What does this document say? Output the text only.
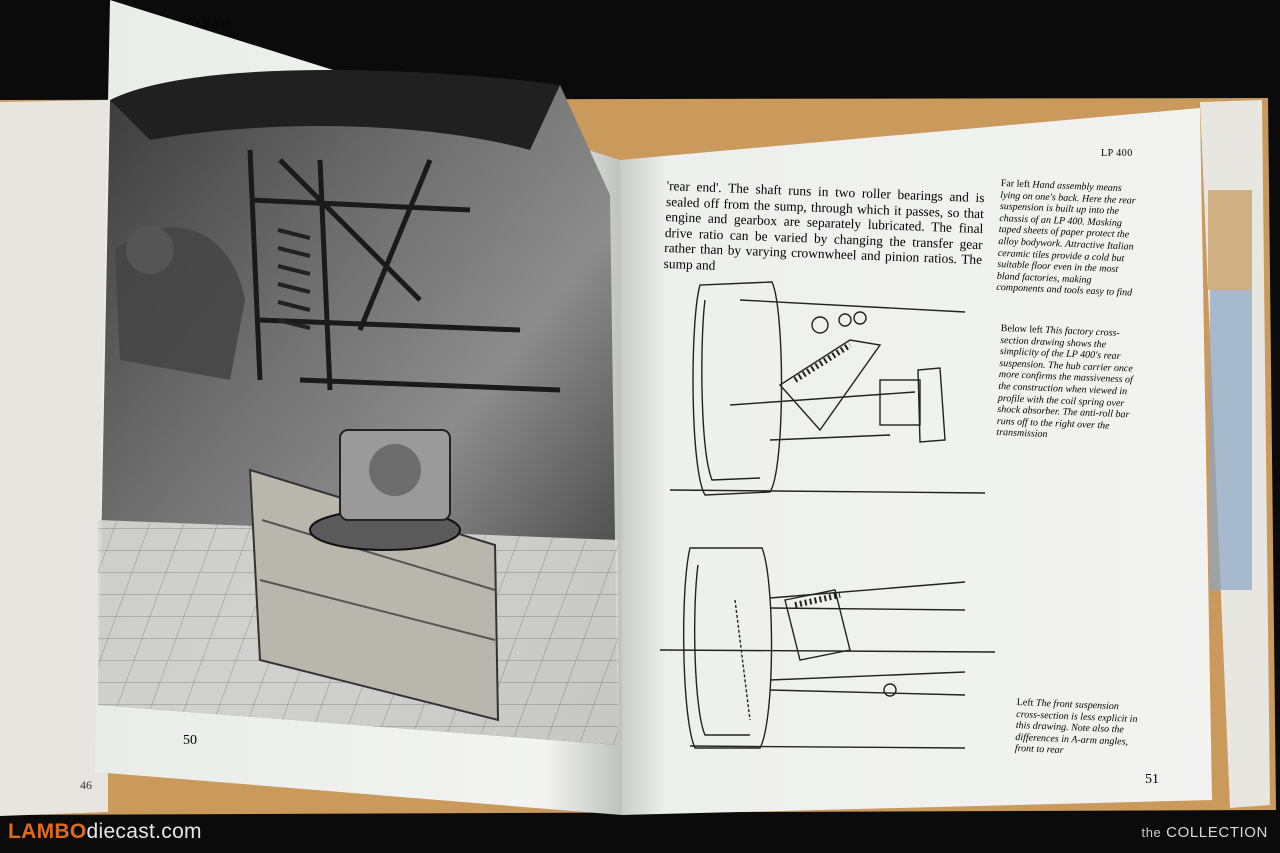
LP 400
LP 400
'rear end'. The shaft runs in two roller bearings and is sealed off from the sump, through which it passes, so that engine and gearbox are separately lubricated. The final drive ratio can be varied by changing the transfer gear rather than by varying crownwheel and pinion ratios. The sump and
Far left Hand assembly means lying on one's back. Here the rear suspension is built up into the chassis of an LP 400. Masking taped sheets of paper protect the alloy bodywork. Attractive Italian ceramic tiles provide a cold but suitable floor even in the most bland factories, making components and tools easy to find
Below left This factory cross-section drawing shows the simplicity of the LP 400's rear suspension. The hub carrier once more confirms the massiveness of the construction when viewed in profile with the coil spring over shock absorber. The anti-roll bar runs off to the right over the transmission
Left The front suspension cross-section is less explicit in this drawing. Note also the differences in A-arm angles, front to rear
50
51
46
LAMBOdiecast.com	the COLLECTION
